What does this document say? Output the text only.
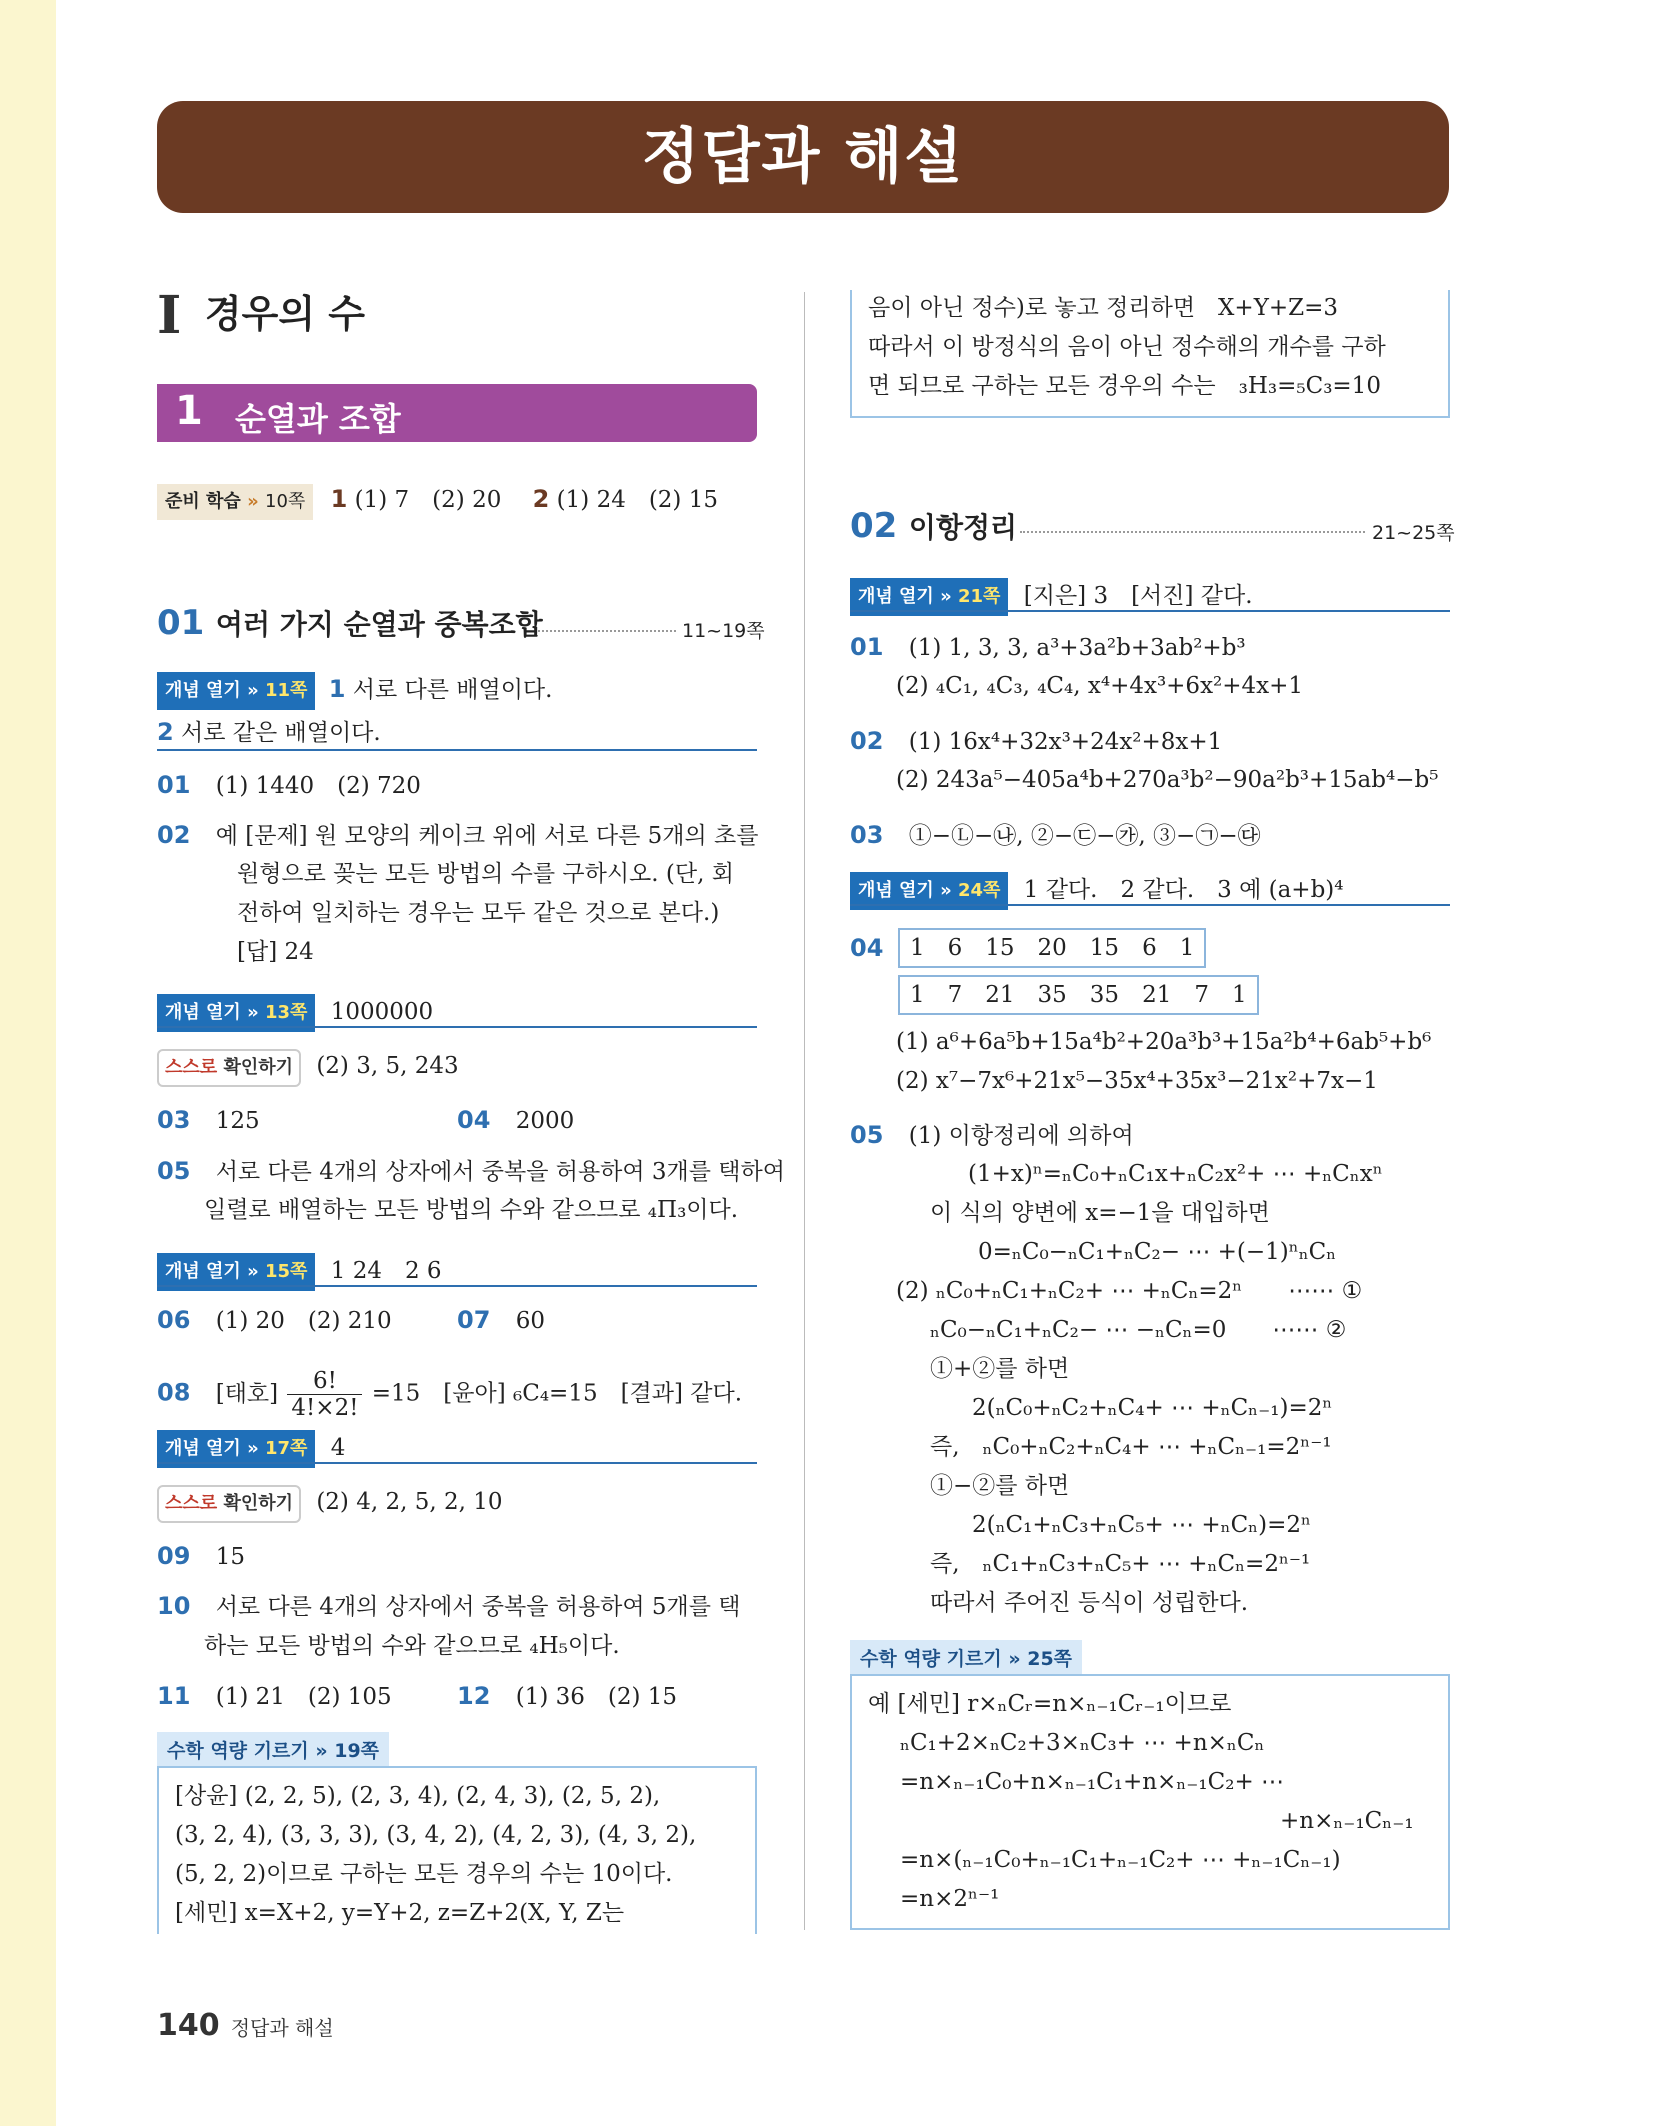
정답과 해설
I 경우의 수
1 순열과 조합
준비 학습 » 10쪽 1 (1) 7　(2) 20 2 (1) 24　(2) 15
01 여러 가지 순열과 중복조합	11~19쪽
개념 열기 » 11쪽 1 서로 다른 배열이다.
2 서로 같은 배열이다.
01 (1) 1440　(2) 720
02 예 [문제] 원 모양의 케이크 위에 서로 다른 5개의 초를
원형으로 꽂는 모든 방법의 수를 구하시오. (단, 회
전하여 일치하는 경우는 모두 같은 것으로 본다.)
[답] 24
개념 열기 » 13쪽 1000000
스스로 확인하기 (2) 3, 5, 243
03 125	04 2000
05 서로 다른 4개의 상자에서 중복을 허용하여 3개를 택하여
일렬로 배열하는 모든 방법의 수와 같으므로 ₄Π₃이다.
개념 열기 » 15쪽 1 24　2 6
06 (1) 20　(2) 210	07 60
08 [태호] $\frac{6!}{4!\times 2!} =15$　[윤아] ₆C₄=15　[결과] 같다.
개념 열기 » 17쪽 4
스스로 확인하기 (2) 4, 2, 5, 2, 10
09 15
10 서로 다른 4개의 상자에서 중복을 허용하여 5개를 택
하는 모든 방법의 수와 같으므로 ₄H₅이다.
11 (1) 21　(2) 105	12 (1) 36　(2) 15
수학 역량 기르기 » 19쪽
[상윤] (2, 2, 5), (2, 3, 4), (2, 4, 3), (2, 5, 2),
(3, 2, 4), (3, 3, 3), (3, 4, 2), (4, 2, 3), (4, 3, 2),
(5, 2, 2)이므로 구하는 모든 경우의 수는 10이다.
[세민] x=X+2, y=Y+2, z=Z+2(X, Y, Z는
음이 아닌 정수)로 놓고 정리하면　X+Y+Z=3
따라서 이 방정식의 음이 아닌 정수해의 개수를 구하
면 되므로 구하는 모든 경우의 수는　₃H₃=₅C₃=10
02 이항정리	21~25쪽
개념 열기 » 21쪽 [지은] 3　[서진] 같다.
01 (1) 1, 3, 3, a³+3a²b+3ab²+b³
(2) ₄C₁, ₄C₃, ₄C₄, x⁴+4x³+6x²+4x+1
02 (1) 16x⁴+32x³+24x²+8x+1
(2) 243a⁵−405a⁴b+270a³b²−90a²b³+15ab⁴−b⁵
03 ①−Ⓛ−㉯, ②−㉢−㉮, ③−㉠−㉰
개념 열기 » 24쪽 1 같다.　2 같다.　3 예 (a+b)⁴
04	1　6　15　20　15　6　1
1　7　21　35　35　21　7　1
(1) a⁶+6a⁵b+15a⁴b²+20a³b³+15a²b⁴+6ab⁵+b⁶
(2) x⁷−7x⁶+21x⁵−35x⁴+35x³−21x²+7x−1
05 (1) 이항정리에 의하여
(1+x)ⁿ=ₙC₀+ₙC₁x+ₙC₂x²+ ⋯ +ₙCₙxⁿ
이 식의 양변에 x=−1을 대입하면
0=ₙC₀−ₙC₁+ₙC₂− ⋯ +(−1)ⁿₙCₙ
(2) ₙC₀+ₙC₁+ₙC₂+ ⋯ +ₙCₙ=2ⁿ　　⋯⋯ ①
ₙC₀−ₙC₁+ₙC₂− ⋯ −ₙCₙ=0　　⋯⋯ ②
①+②를 하면
2(ₙC₀+ₙC₂+ₙC₄+ ⋯ +ₙCₙ₋₁)=2ⁿ
즉,　ₙC₀+ₙC₂+ₙC₄+ ⋯ +ₙCₙ₋₁=2ⁿ⁻¹
①−②를 하면
2(ₙC₁+ₙC₃+ₙC₅+ ⋯ +ₙCₙ)=2ⁿ
즉,　ₙC₁+ₙC₃+ₙC₅+ ⋯ +ₙCₙ=2ⁿ⁻¹
따라서 주어진 등식이 성립한다.
수학 역량 기르기 » 25쪽
예 [세민] r×ₙCᵣ=n×ₙ₋₁Cᵣ₋₁이므로
ₙC₁+2×ₙC₂+3×ₙC₃+ ⋯ +n×ₙCₙ
=n×ₙ₋₁C₀+n×ₙ₋₁C₁+n×ₙ₋₁C₂+ ⋯
+n×ₙ₋₁Cₙ₋₁
=n×(ₙ₋₁C₀+ₙ₋₁C₁+ₙ₋₁C₂+ ⋯ +ₙ₋₁Cₙ₋₁)
=n×2ⁿ⁻¹
140 정답과 해설
